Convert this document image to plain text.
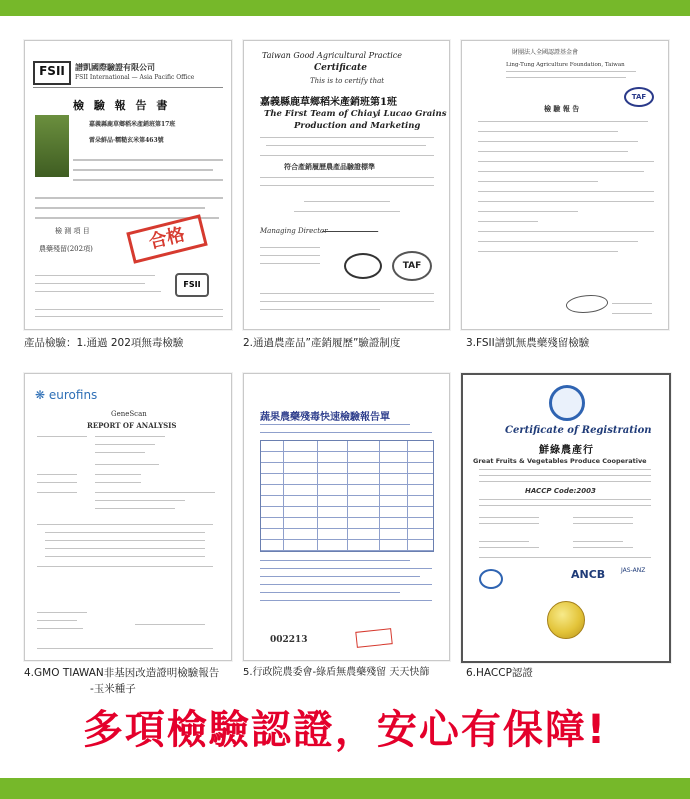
FSII	譜凱國際驗證有限公司
FSII International — Asia Pacific Office
檢 驗 報 告 書
嘉義縣鹿草鄉稻米產銷班第17班
雷朵鮮品·糯糙玄米第463號
檢 測 項 目
農藥殘留(202項)	合格
FSII
Taiwan Good Agricultural Practice
Certificate
This is to certify that
嘉義縣鹿草鄉稻米產銷班第1班
The First Team of Chiayi Lucao Grains
Production and Marketing
符合產銷履歷農產品驗證標準
Managing Director
TAF
財團法人全國認證基金會
Ling-Tung Agriculture Foundation, Taiwan
TAF
檢 驗 報 告
產品檢驗：1.通過 202項無毒檢驗	2.通過農產品”產銷履歷”驗證制度	3.FSII譜凱無農藥殘留檢驗
❋ eurofins
GeneScan
REPORT OF ANALYSIS
蔬果農藥殘毒快速檢驗報告單
002213
Certificate of Registration
鮮綠農產行
Great Fruits & Vegetables Produce Cooperative
HACCP Code:2003
ANCB	JAS-ANZ
4.GMO TIAWAN非基因改造證明檢驗報告
-玉米種子
5.行政院農委會-綠盾無農藥殘留 天天快篩	6.HACCP認證
多項檢驗認證，安心有保障!
